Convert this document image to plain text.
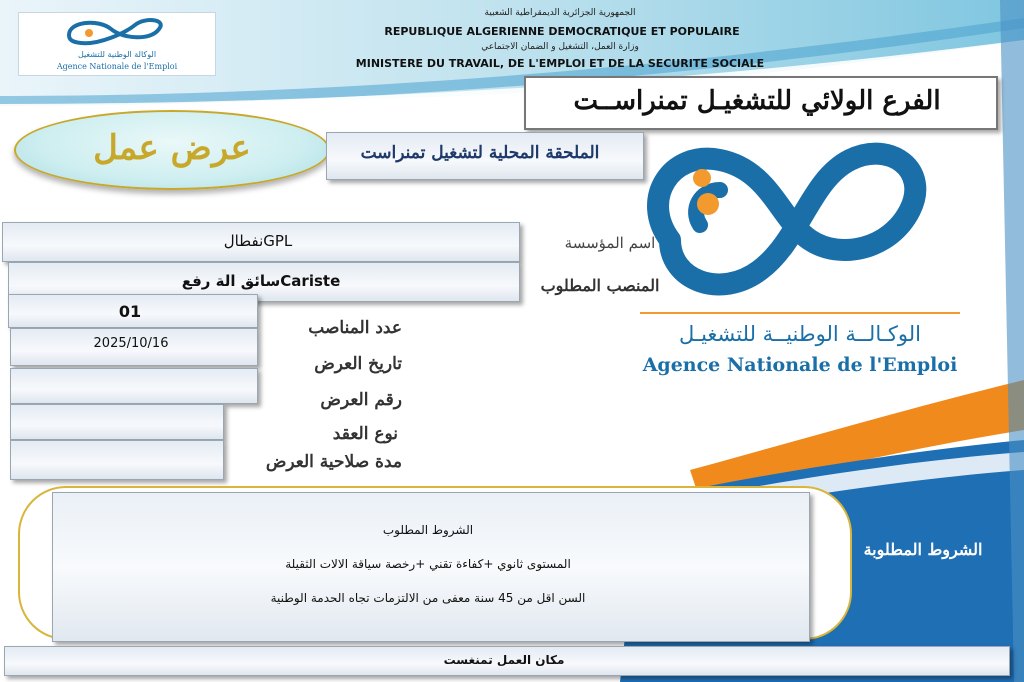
الجمهورية الجزائرية الديمقراطية الشعبية
REPUBLIQUE ALGERIENNE DEMOCRATIQUE ET POPULAIRE
وزارة العمل، التشغيل و الضمان الاجتماعي
MINISTERE DU TRAVAIL, DE L'EMPLOI ET DE LA SECURITE SOCIALE
الوكالة الوطنية للتشغيل
Agence Nationale de l'Emploi
الفرع الولائي للتشغيـل تمنراســت
عرض عمل	الملحقة المحلية لتشغيل تمنراست
الوكـالــة الوطنيــة للتشغيـل
Agence Nationale de l'Emploi
نفطالGPL
سائق الة رفعCariste
01
2025/10/16
اسم المؤسسة
المنصب المطلوب
عدد المناصب
تاريخ العرض
رقم العرض
نوع العقد
مدة صلاحية العرض
الشروط المطلوب
المستوى ثانوي +كفاءة تقني +رخصة سياقة الالات الثقيلة
السن اقل من 45 سنة معفى من الالتزمات تجاه الحدمة الوطنية
الشروط المطلوبة
مكان العمل تمنغست
